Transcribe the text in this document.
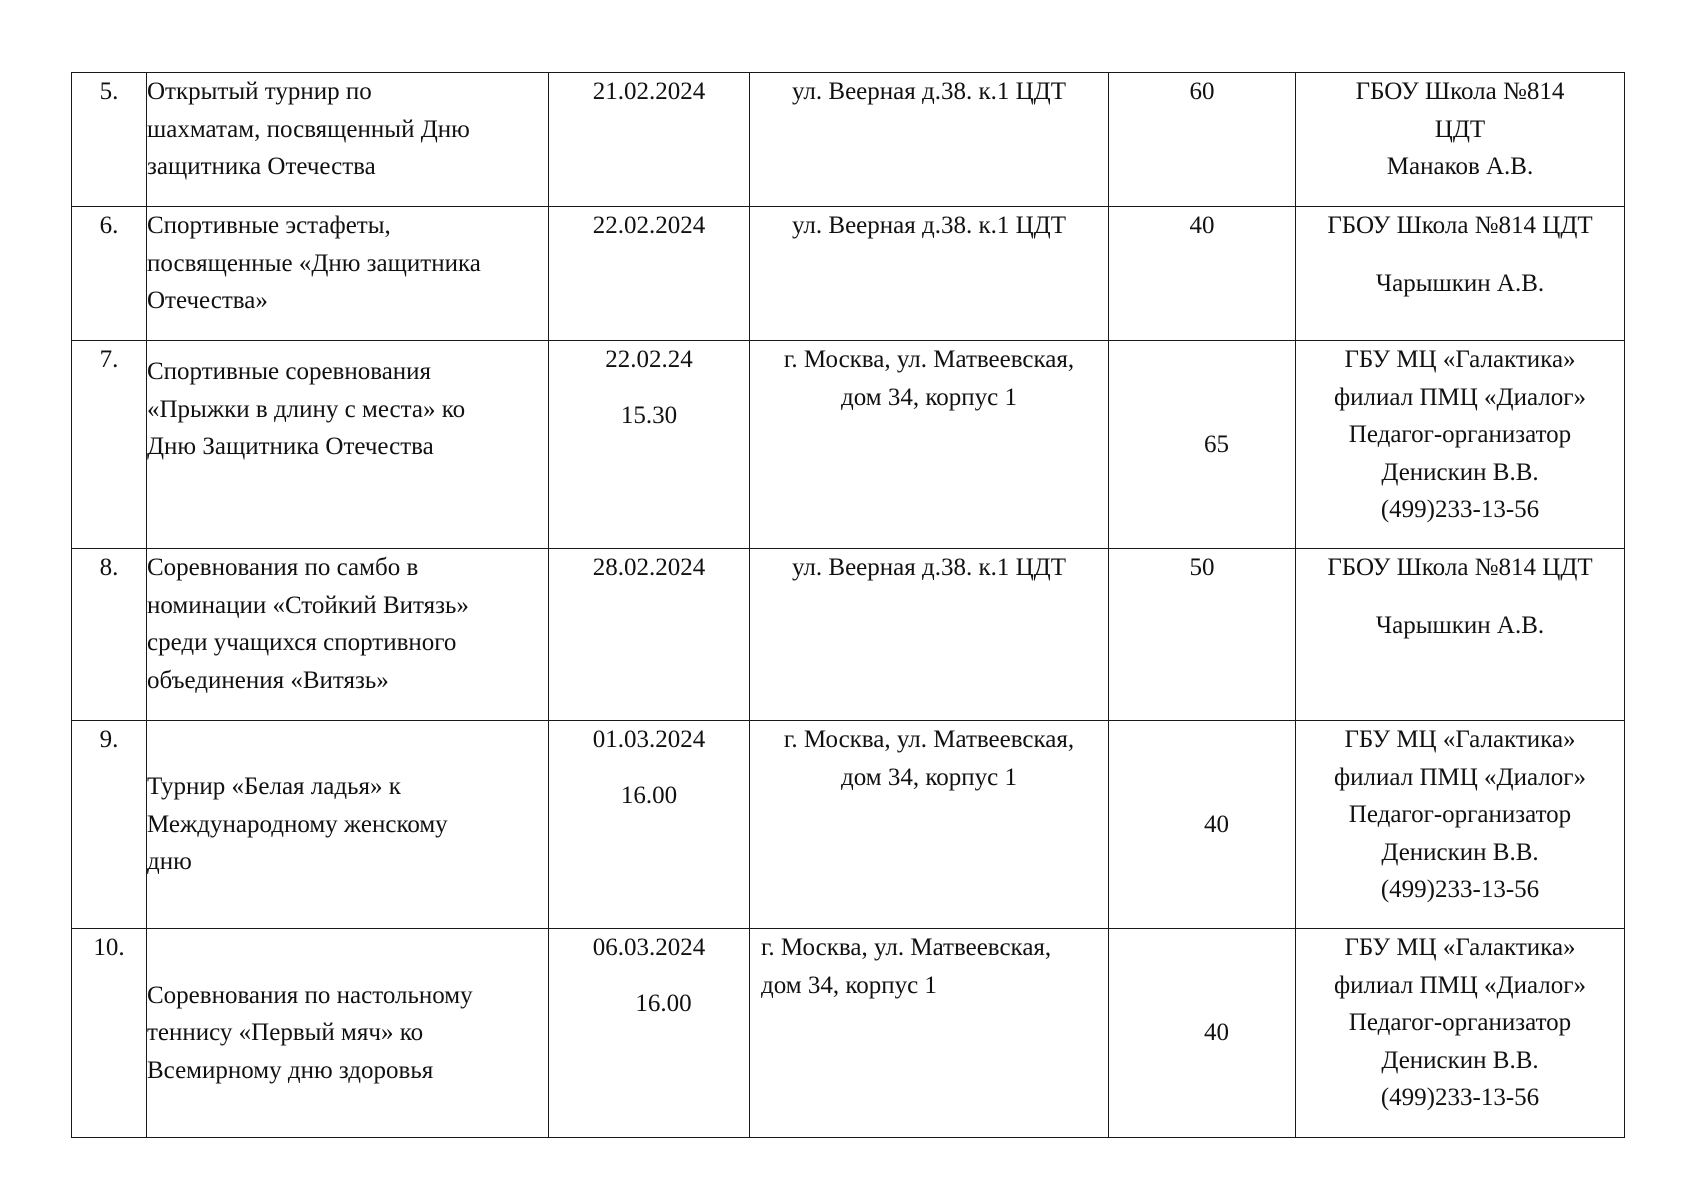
5.	Открытый турнир по
шахматам, посвященный Дню
защитника Отечества	21.02.2024	ул. Веерная д.38. к.1 ЦДТ	60	ГБОУ Школа №814
ЦДТ
Манаков А.В.

6.	Спортивные эстафеты,
посвященные «Дню защитника
Отечества»	22.02.2024	ул. Веерная д.38. к.1 ЦДТ	40	ГБОУ Школа №814 ЦДТ
Чарышкин А.В.

7.	Спортивные соревнования
«Прыжки в длину с места» ко
Дню Защитника Отечества	22.02.24
15.30	г. Москва, ул. Матвеевская,
дом 34, корпус 1	65	ГБУ МЦ «Галактика»
филиал ПМЦ «Диалог»
Педагог-организатор
Денискин В.В.
(499)233-13-56

8.	Соревнования по самбо в
номинации «Стойкий Витязь»
среди учащихся спортивного
объединения «Витязь»	28.02.2024	ул. Веерная д.38. к.1 ЦДТ	50	ГБОУ Школа №814 ЦДТ
Чарышкин А.В.

9.	Турнир «Белая ладья» к
Международному женскому
дню	01.03.2024
16.00	г. Москва, ул. Матвеевская,
дом 34, корпус 1	40	ГБУ МЦ «Галактика»
филиал ПМЦ «Диалог»
Педагог-организатор
Денискин В.В.
(499)233-13-56

10.	Соревнования по настольному
теннису «Первый мяч» ко
Всемирному дню здоровья	06.03.2024
16.00	г. Москва, ул. Матвеевская,
дом 34, корпус 1	40	ГБУ МЦ «Галактика»
филиал ПМЦ «Диалог»
Педагог-организатор
Денискин В.В.
(499)233-13-56
